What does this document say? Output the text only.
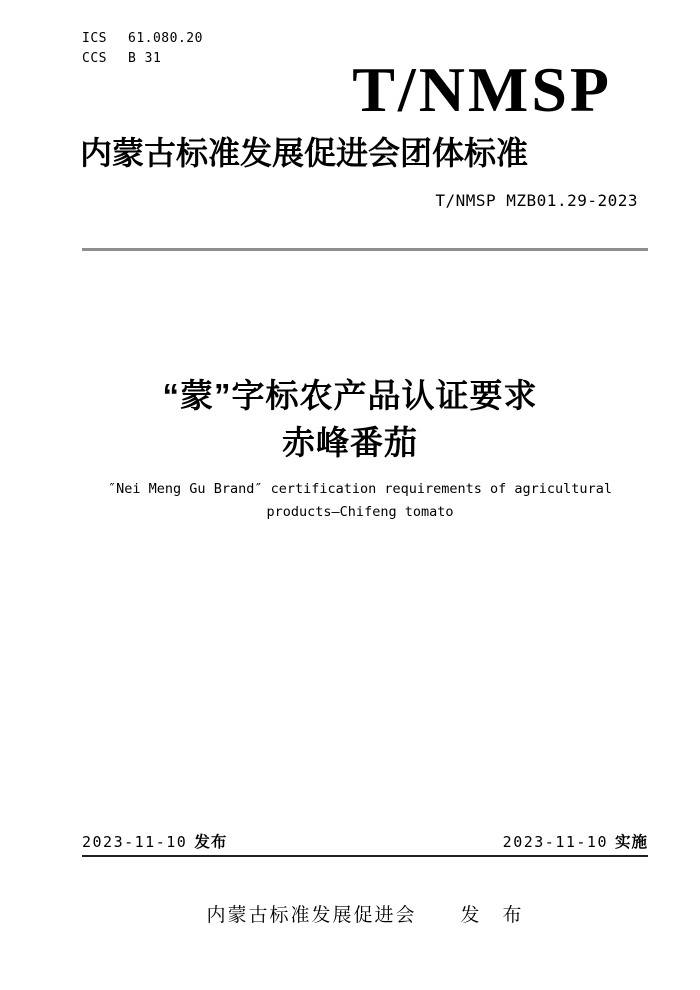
ICS 61.080.20
CCS B 31	T/NMSP
内蒙古标准发展促进会团体标准
T/NMSP MZB01.29-2023
“蒙”字标农产品认证要求
赤峰番茄
″Nei Meng Gu Brand″ certification requirements of agricultural
products—Chifeng tomato
2023-11-10 发布	2023-11-10 实施
内蒙古标准发展促进会 发　布
